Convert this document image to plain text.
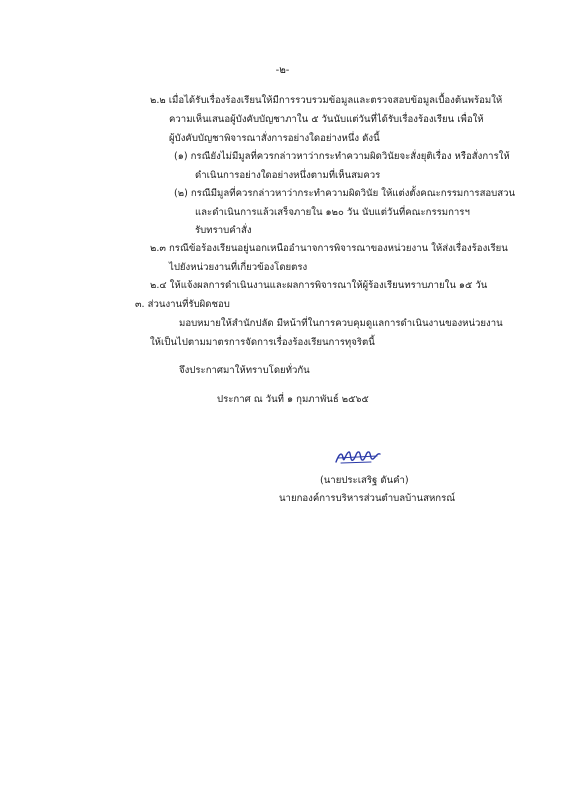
-๒-
๒.๒ เมื่อได้รับเรื่องร้องเรียนให้มีการรวบรวมข้อมูลและตรวจสอบข้อมูลเบื้องต้นพร้อมให้
ความเห็นเสนอผู้บังคับบัญชาภาใน ๕ วันนับแต่วันที่ได้รับเรื่องร้องเรียน เพื่อให้
ผู้บังคับบัญชาพิจารณาสั่งการอย่างใดอย่างหนึ่ง ดังนี้
(๑) กรณียังไม่มีมูลที่ควรกล่าวหาว่ากระทำความผิดวินัยจะสั่งยุติเรื่อง หรือสั่งการให้
ดำเนินการอย่างใดอย่างหนึ่งตามที่เห็นสมควร
(๒) กรณีมีมูลที่ควรกล่าวหาว่ากระทำความผิดวินัย ให้แต่งตั้งคณะกรรมการสอบสวน
และดำเนินการแล้วเสร็จภายใน ๑๒๐ วัน นับแต่วันที่คณะกรรมการฯ
รับทราบคำสั่ง
๒.๓ กรณีข้อร้องเรียนอยู่นอกเหนืออำนาจการพิจารณาของหน่วยงาน ให้ส่งเรื่องร้องเรียน
ไปยังหน่วยงานที่เกี่ยวข้องโดยตรง
๒.๔ ให้แจ้งผลการดำเนินงานและผลการพิจารณาให้ผู้ร้องเรียนทราบภายใน ๑๕ วัน
๓. ส่วนงานที่รับผิดชอบ
มอบหมายให้สำนักปลัด มีหน้าที่ในการควบคุมดูแลการดำเนินงานของหน่วยงาน
ให้เป็นไปตามมาตรการจัดการเรื่องร้องเรียนการทุจริตนี้
จึงประกาศมาให้ทราบโดยทั่วกัน
ประกาศ ณ วันที่ ๑ กุมภาพันธ์ ๒๕๖๕
(นายประเสริฐ ดันคำ)
นายกองค์การบริหารส่วนตำบลบ้านสหกรณ์
